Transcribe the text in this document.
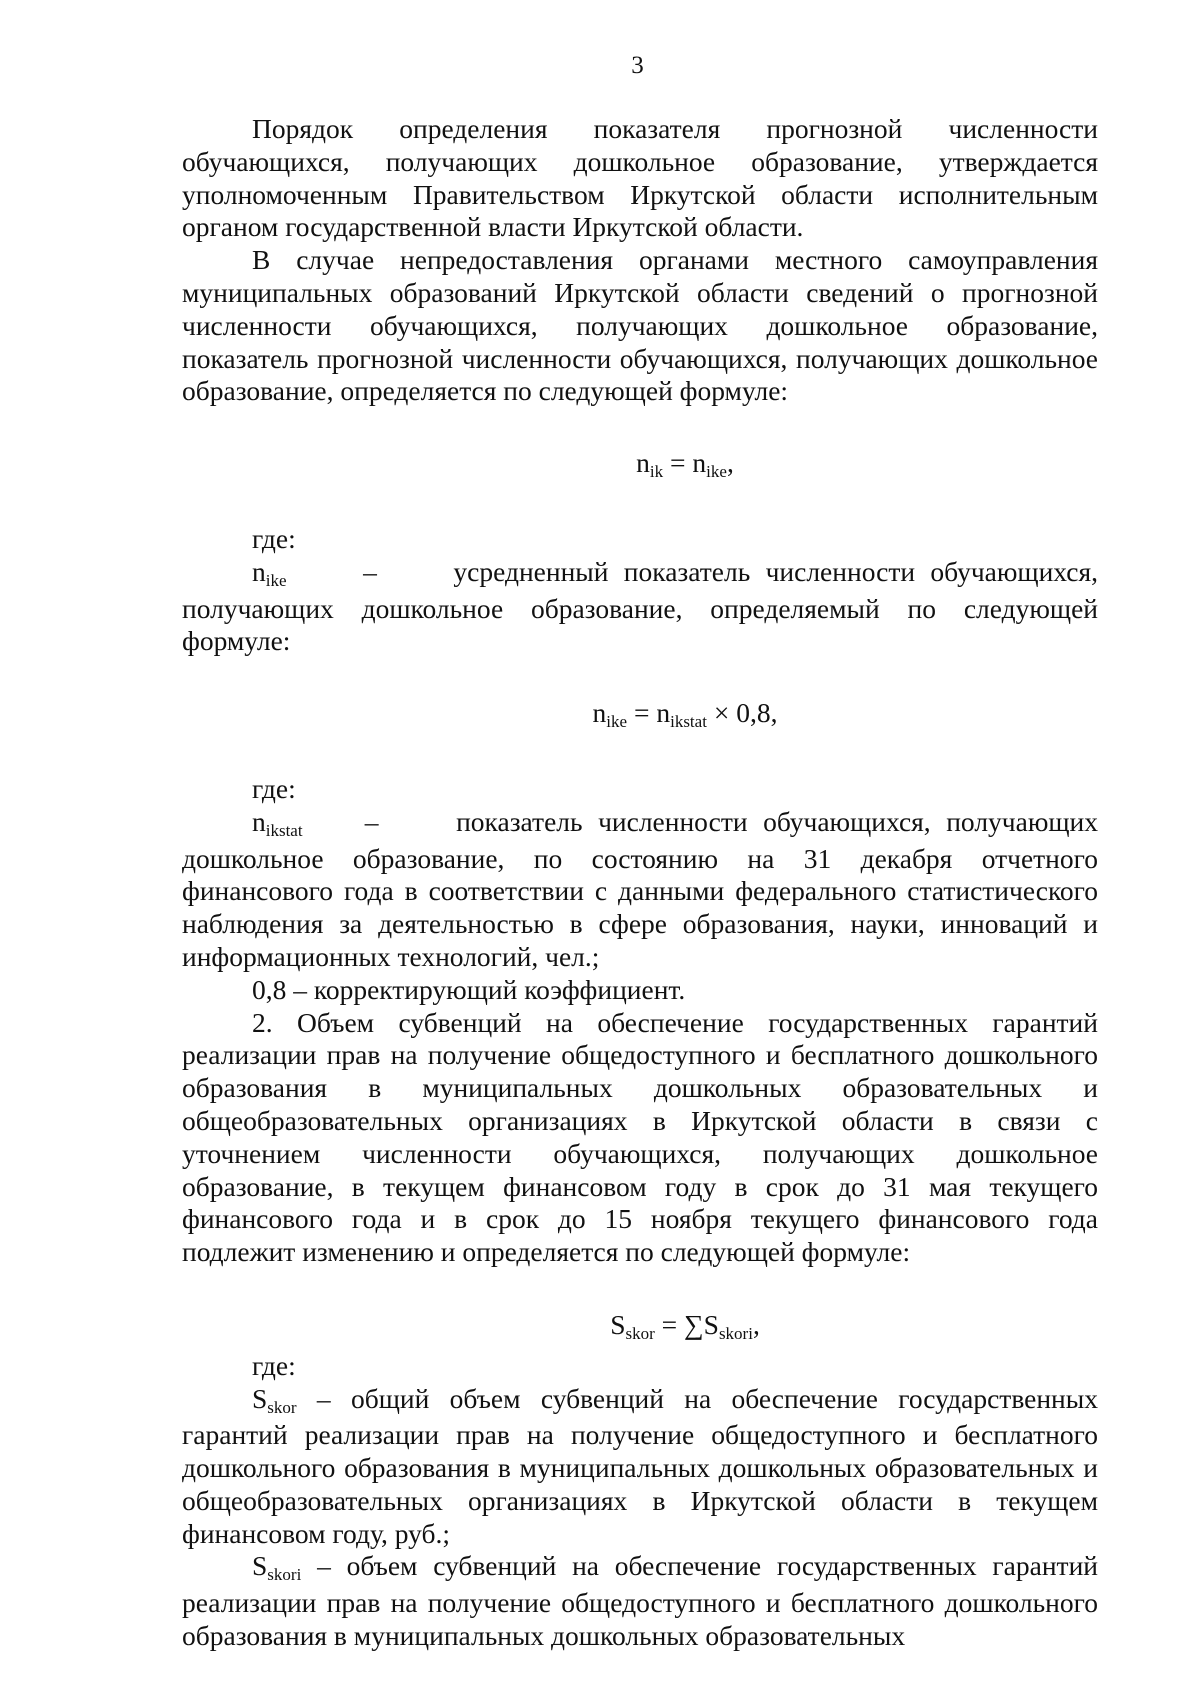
3

Порядок определения показателя прогнозной численности обучающихся, получающих дошкольное образование, утверждается уполномоченным Правительством Иркутской области исполнительным органом государственной власти Иркутской области.

В случае непредоставления органами местного самоуправления муниципальных образований Иркутской области сведений о прогнозной численности обучающихся, получающих дошкольное образование, показатель прогнозной численности обучающихся, получающих дошкольное образование, определяется по следующей формуле:

nik = nike,

где:

nike	–	усредненный показатель численности обучающихся, получающих дошкольное образование, определяемый по следующей формуле:

nike = nikstat × 0,8,

где:

nikstat –	показатель численности обучающихся, получающих дошкольное образование, по состоянию на 31 декабря отчетного финансового года в соответствии с данными федерального статистического наблюдения за деятельностью в сфере образования, науки, инноваций и информационных технологий, чел.;

0,8 – корректирующий коэффициент.

2. Объем субвенций на обеспечение государственных гарантий реализации прав на получение общедоступного и бесплатного дошкольного образования в муниципальных дошкольных образовательных и общеобразовательных организациях в Иркутской области в связи с уточнением численности обучающихся, получающих дошкольное образование, в текущем финансовом году в срок до 31 мая текущего финансового года и в срок до 15 ноября текущего финансового года подлежит изменению и определяется по следующей формуле:

Sskor = ∑Sskori,

где:

Sskor – общий объем субвенций на обеспечение государственных гарантий реализации прав на получение общедоступного и бесплатного дошкольного образования в муниципальных дошкольных образовательных и общеобразовательных организациях в Иркутской области в текущем финансовом году, руб.;

Sskori – объем субвенций на обеспечение государственных гарантий реализации прав на получение общедоступного и бесплатного дошкольного образования в муниципальных дошкольных образовательных
